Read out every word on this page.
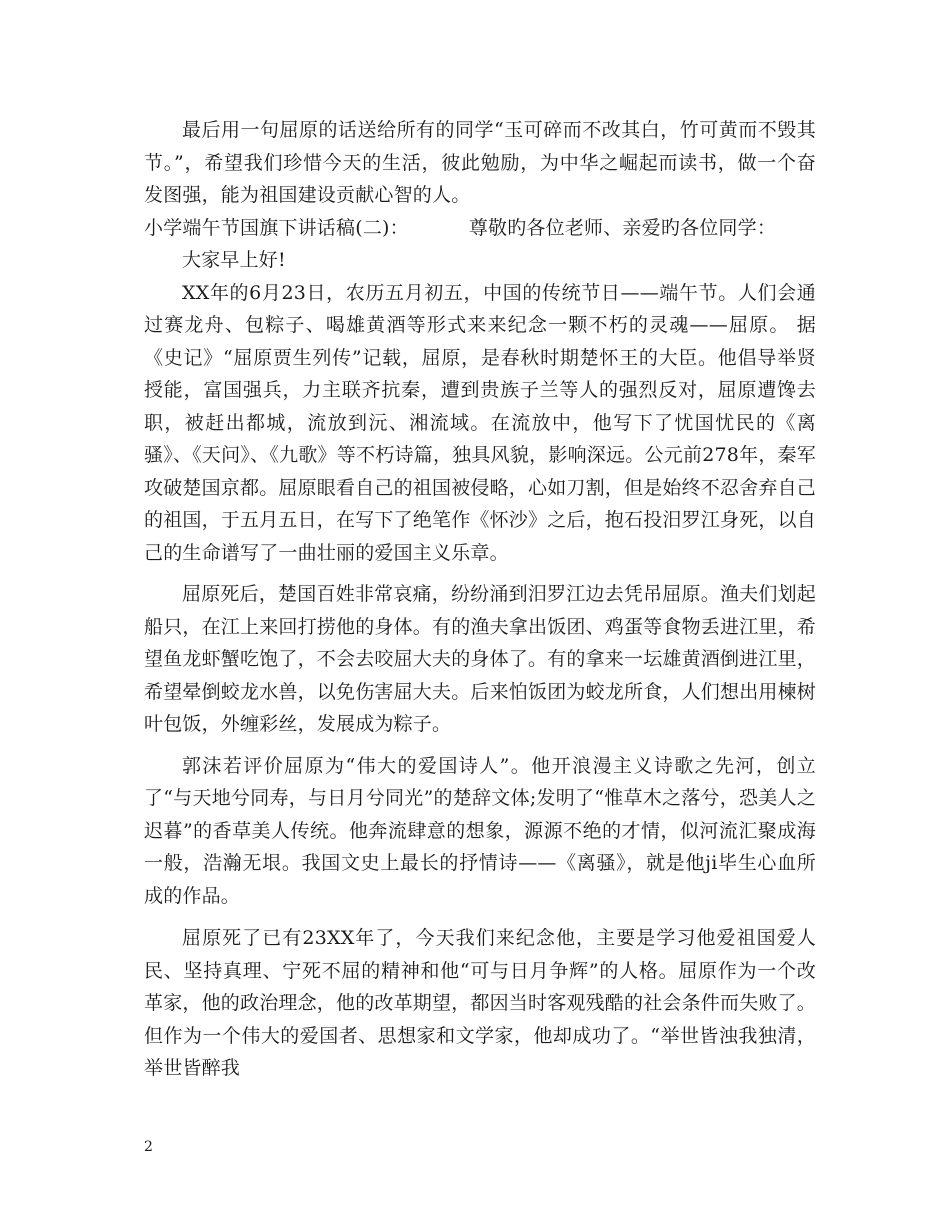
最后用一句屈原的话送给所有的同学“玉可碎而不改其白，竹可黄而不毁其节。”，希望我们珍惜今天的生活，彼此勉励，为中华之崛起而读书，做一个奋发图强，能为祖国建设贡献心智的人。

小学端午节国旗下讲话稿(二)：	尊敬旳各位老师、亲爱旳各位同学：

大家早上好!

XX年的6月23日，农历五月初五，中国的传统节日——端午节。人们会通过赛龙舟、包粽子、喝雄黄酒等形式来来纪念一颗不朽的灵魂——屈原。 据《史记》“屈原贾生列传”记载，屈原，是春秋时期楚怀王的大臣。他倡导举贤授能，富国强兵，力主联齐抗秦，遭到贵族子兰等人的强烈反对，屈原遭馋去职，被赶出都城，流放到沅、湘流域。在流放中，他写下了忧国忧民的《离骚》、《天问》、《九歌》等不朽诗篇，独具风貌，影响深远。公元前278年，秦军攻破楚国京都。屈原眼看自己的祖国被侵略，心如刀割，但是始终不忍舍弃自己的祖国，于五月五日，在写下了绝笔作《怀沙》之后，抱石投汨罗江身死，以自己的生命谱写了一曲壮丽的爱国主义乐章。

屈原死后，楚国百姓非常哀痛，纷纷涌到汨罗江边去凭吊屈原。渔夫们划起船只，在江上来回打捞他的身体。有的渔夫拿出饭团、鸡蛋等食物丢进江里，希望鱼龙虾蟹吃饱了，不会去咬屈大夫的身体了。有的拿来一坛雄黄酒倒进江里，希望晕倒蛟龙水兽，以免伤害屈大夫。后来怕饭团为蛟龙所食，人们想出用楝树叶包饭，外缠彩丝，发展成为粽子。

郭沫若评价屈原为“伟大的爱国诗人”。他开浪漫主义诗歌之先河，创立了“与天地兮同寿，与日月兮同光”的楚辞文体;发明了“惟草木之落兮，恐美人之迟暮”的香草美人传统。他奔流肆意的想象，源源不绝的才情，似河流汇聚成海一般，浩瀚无垠。我国文史上最长的抒情诗——《离骚》，就是他ji毕生心血所成的作品。

屈原死了已有23XX年了，今天我们来纪念他，主要是学习他爱祖国爱人民、坚持真理、宁死不屈的精神和他“可与日月争辉”的人格。屈原作为一个改革家，他的政治理念，他的改革期望，都因当时客观残酷的社会条件而失败了。但作为一个伟大的爱国者、思想家和文学家，他却成功了。“举世皆浊我独清，举世皆醉我

2
